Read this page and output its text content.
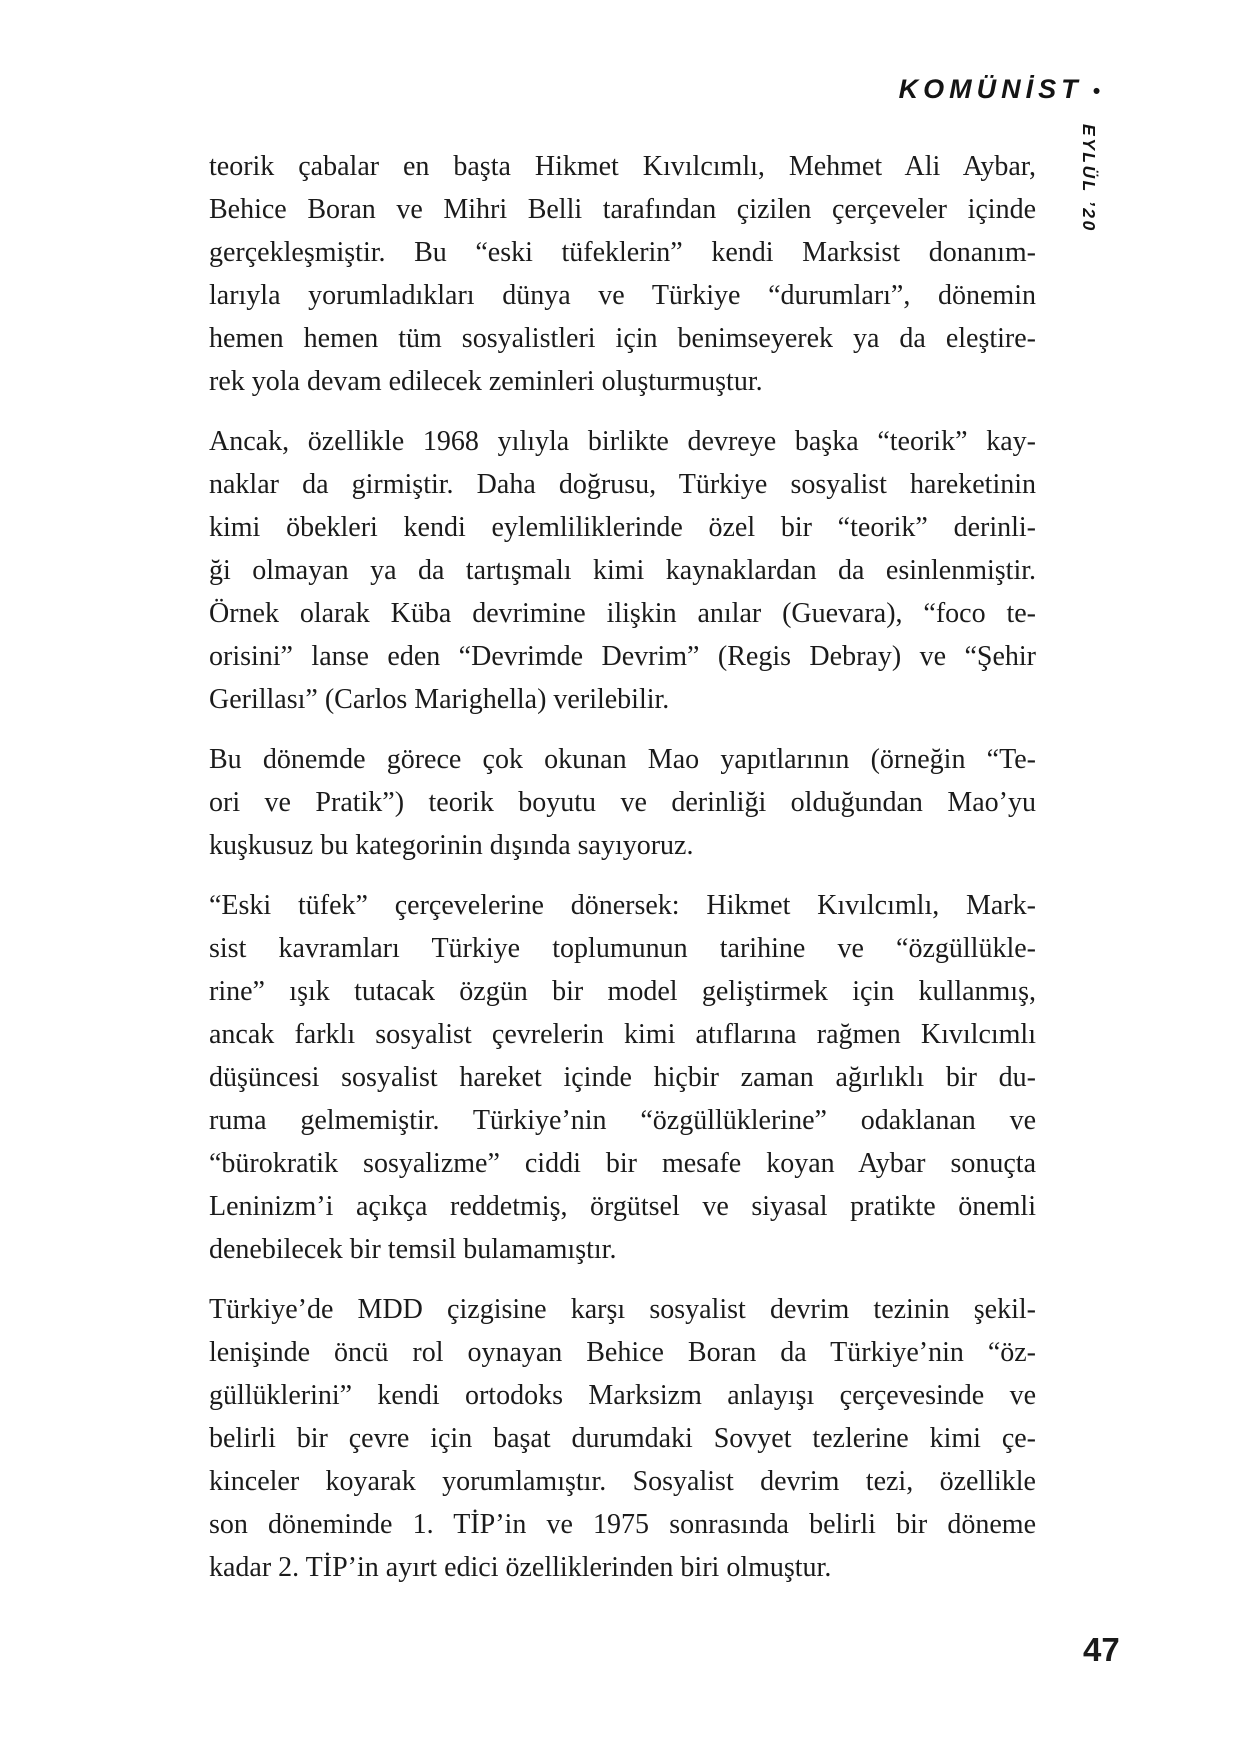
KOMÜNİST •
EYLÜL ’20
teorik çabalar en başta Hikmet Kıvılcımlı, Mehmet Ali Aybar,
Behice Boran ve Mihri Belli tarafından çizilen çerçeveler içinde
gerçekleşmiştir. Bu “eski tüfeklerin” kendi Marksist donanım-
larıyla yorumladıkları dünya ve Türkiye “durumları”, dönemin
hemen hemen tüm sosyalistleri için benimseyerek ya da eleştire-
rek yola devam edilecek zeminleri oluşturmuştur.
Ancak, özellikle 1968 yılıyla birlikte devreye başka “teorik” kay-
naklar da girmiştir. Daha doğrusu, Türkiye sosyalist hareketinin
kimi öbekleri kendi eylemliliklerinde özel bir “teorik” derinli-
ği olmayan ya da tartışmalı kimi kaynaklardan da esinlenmiştir.
Örnek olarak Küba devrimine ilişkin anılar (Guevara), “foco te-
orisini” lanse eden “Devrimde Devrim” (Regis Debray) ve “Şehir
Gerillası” (Carlos Marighella) verilebilir.
Bu dönemde görece çok okunan Mao yapıtlarının (örneğin “Te-
ori ve Pratik”) teorik boyutu ve derinliği olduğundan Mao’yu
kuşkusuz bu kategorinin dışında sayıyoruz.
“Eski tüfek” çerçevelerine dönersek: Hikmet Kıvılcımlı, Mark-
sist kavramları Türkiye toplumunun tarihine ve “özgüllükle-
rine” ışık tutacak özgün bir model geliştirmek için kullanmış,
ancak farklı sosyalist çevrelerin kimi atıflarına rağmen Kıvılcımlı
düşüncesi sosyalist hareket içinde hiçbir zaman ağırlıklı bir du-
ruma gelmemiştir. Türkiye’nin “özgüllüklerine” odaklanan ve
“bürokratik sosyalizme” ciddi bir mesafe koyan Aybar sonuçta
Leninizm’i açıkça reddetmiş, örgütsel ve siyasal pratikte önemli
denebilecek bir temsil bulamamıştır.
Türkiye’de MDD çizgisine karşı sosyalist devrim tezinin şekil-
lenişinde öncü rol oynayan Behice Boran da Türkiye’nin “öz-
güllüklerini” kendi ortodoks Marksizm anlayışı çerçevesinde ve
belirli bir çevre için başat durumdaki Sovyet tezlerine kimi çe-
kinceler koyarak yorumlamıştır. Sosyalist devrim tezi, özellikle
son döneminde 1. TİP’in ve 1975 sonrasında belirli bir döneme
kadar 2. TİP’in ayırt edici özelliklerinden biri olmuştur.
47
